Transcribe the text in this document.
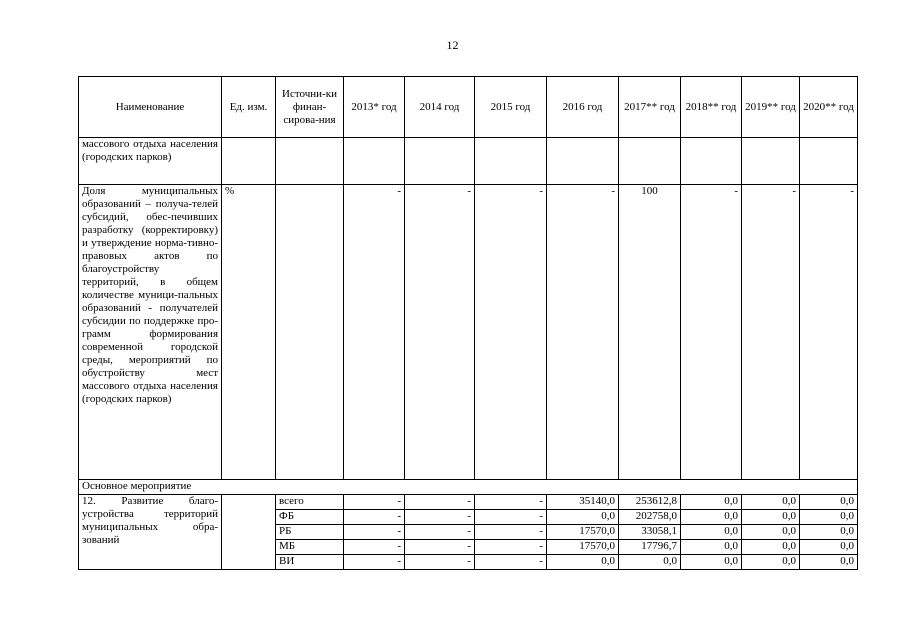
12
Наименование	Ед. изм.	Источни-ки финан-сирова-ния	2013* год	2014 год	2015 год	2016 год	2017** год	2018** год	2019** год	2020** год
массового отдыха населения (городских парков)										
Доля муниципальных образований – получа-телей субсидий, обес-печивших разработку (корректировку) и утверждение норма-тивно-правовых актов по благоустройству территорий, в общем количестве муници-пальных образований - получателей субсидии по поддержке про-грамм формирования современной городской среды, мероприятий по обустройству мест массового отдыха населения (городских парков)	%		-	-	-	-	100	-	-	-
Основное мероприятие										
12. Развитие благо-устройства территорий муниципальных обра-зований		всего	-	-	-	35140,0	253612,8	0,0	0,0	0,0
		ФБ	-	-	-	0,0	202758,0	0,0	0,0	0,0
		РБ	-	-	-	17570,0	33058,1	0,0	0,0	0,0
		МБ	-	-	-	17570,0	17796,7	0,0	0,0	0,0
		ВИ	-	-	-	0,0	0,0	0,0	0,0	0,0
